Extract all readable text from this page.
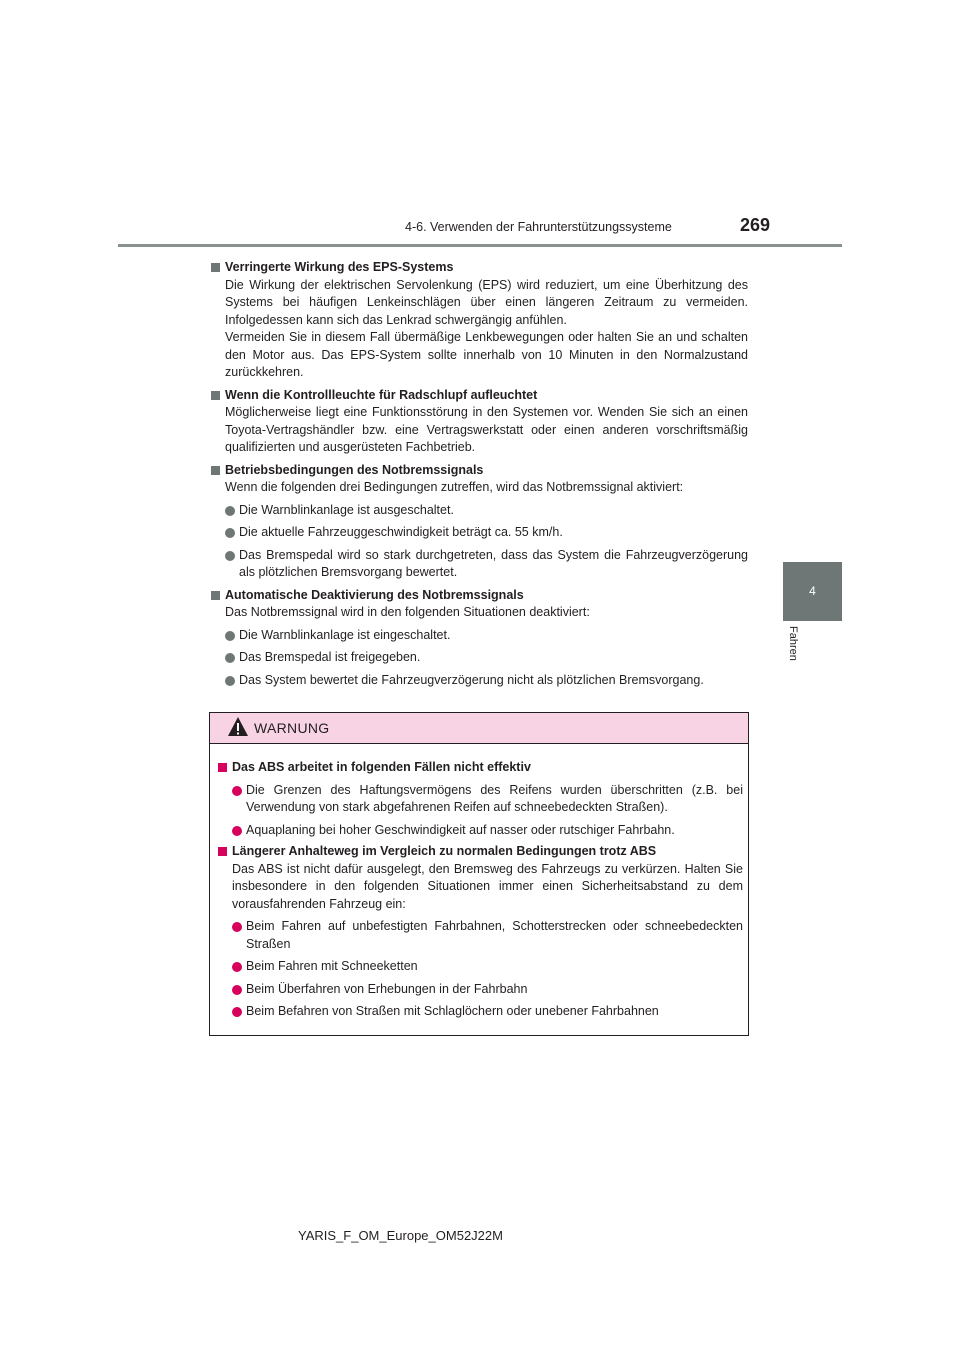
4-6. Verwenden der Fahrunterstützungssysteme	269
4
Fahren
Verringerte Wirkung des EPS-Systems
Die Wirkung der elektrischen Servolenkung (EPS) wird reduziert, um eine Überhitzung des Systems bei häufigen Lenkeinschlägen über einen längeren Zeitraum zu vermeiden. Infolgedessen kann sich das Lenkrad schwergängig anfühlen.
Vermeiden Sie in diesem Fall übermäßige Lenkbewegungen oder halten Sie an und schalten den Motor aus. Das EPS-System sollte innerhalb von 10 Minuten in den Normalzustand zurückkehren.
Wenn die Kontrollleuchte für Radschlupf aufleuchtet
Möglicherweise liegt eine Funktionsstörung in den Systemen vor. Wenden Sie sich an einen Toyota-Vertragshändler bzw. eine Vertragswerkstatt oder einen anderen vorschriftsmäßig qualifizierten und ausgerüsteten Fachbetrieb.
Betriebsbedingungen des Notbremssignals
Wenn die folgenden drei Bedingungen zutreffen, wird das Notbremssignal aktiviert:
Die Warnblinkanlage ist ausgeschaltet.
Die aktuelle Fahrzeuggeschwindigkeit beträgt ca. 55 km/h.
Das Bremspedal wird so stark durchgetreten, dass das System die Fahrzeugverzögerung als plötzlichen Bremsvorgang bewertet.
Automatische Deaktivierung des Notbremssignals
Das Notbremssignal wird in den folgenden Situationen deaktiviert:
Die Warnblinkanlage ist eingeschaltet.
Das Bremspedal ist freigegeben.
Das System bewertet die Fahrzeugverzögerung nicht als plötzlichen Bremsvorgang.
WARNUNG
Das ABS arbeitet in folgenden Fällen nicht effektiv
Die Grenzen des Haftungsvermögens des Reifens wurden überschritten (z.B. bei Verwendung von stark abgefahrenen Reifen auf schneebedeckten Straßen).
Aquaplaning bei hoher Geschwindigkeit auf nasser oder rutschiger Fahrbahn.
Längerer Anhalteweg im Vergleich zu normalen Bedingungen trotz ABS
Das ABS ist nicht dafür ausgelegt, den Bremsweg des Fahrzeugs zu verkürzen. Halten Sie insbesondere in den folgenden Situationen immer einen Sicherheitsabstand zu dem vorausfahrenden Fahrzeug ein:
Beim Fahren auf unbefestigten Fahrbahnen, Schotterstrecken oder schneebedeckten Straßen
Beim Fahren mit Schneeketten
Beim Überfahren von Erhebungen in der Fahrbahn
Beim Befahren von Straßen mit Schlaglöchern oder unebener Fahrbahnen
YARIS_F_OM_Europe_OM52J22M
